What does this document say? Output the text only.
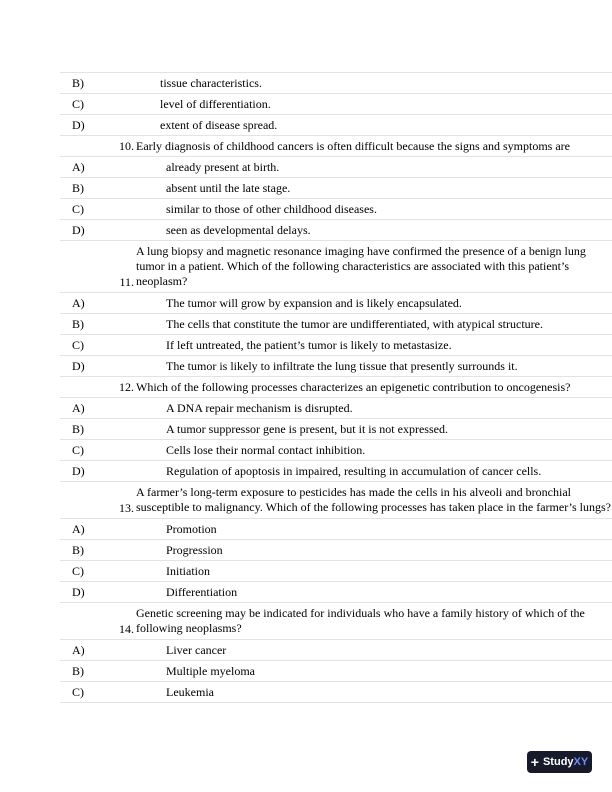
B)	tissue characteristics.
C)	level of differentiation.
D)	extent of disease spread.
10.	Early diagnosis of childhood cancers is often difficult because the signs and symptoms are
A)	already present at birth.
B)	absent until the late stage.
C)	similar to those of other childhood diseases.
D)	seen as developmental delays.
11.	A lung biopsy and magnetic resonance imaging have confirmed the presence of a benign lung tumor in a patient. Which of the following characteristics are associated with this patient’s neoplasm?
A)	The tumor will grow by expansion and is likely encapsulated.
B)	The cells that constitute the tumor are undifferentiated, with atypical structure.
C)	If left untreated, the patient’s tumor is likely to metastasize.
D)	The tumor is likely to infiltrate the lung tissue that presently surrounds it.
12.	Which of the following processes characterizes an epigenetic contribution to oncogenesis?
A)	A DNA repair mechanism is disrupted.
B)	A tumor suppressor gene is present, but it is not expressed.
C)	Cells lose their normal contact inhibition.
D)	Regulation of apoptosis in impaired, resulting in accumulation of cancer cells.
13.	A farmer’s long-term exposure to pesticides has made the cells in his alveoli and bronchial susceptible to malignancy. Which of the following processes has taken place in the farmer’s lungs?
A)	Promotion
B)	Progression
C)	Initiation
D)	Differentiation
14.	Genetic screening may be indicated for individuals who have a family history of which of the following neoplasms?
A)	Liver cancer
B)	Multiple myeloma
C)	Leukemia
+ StudyXY
